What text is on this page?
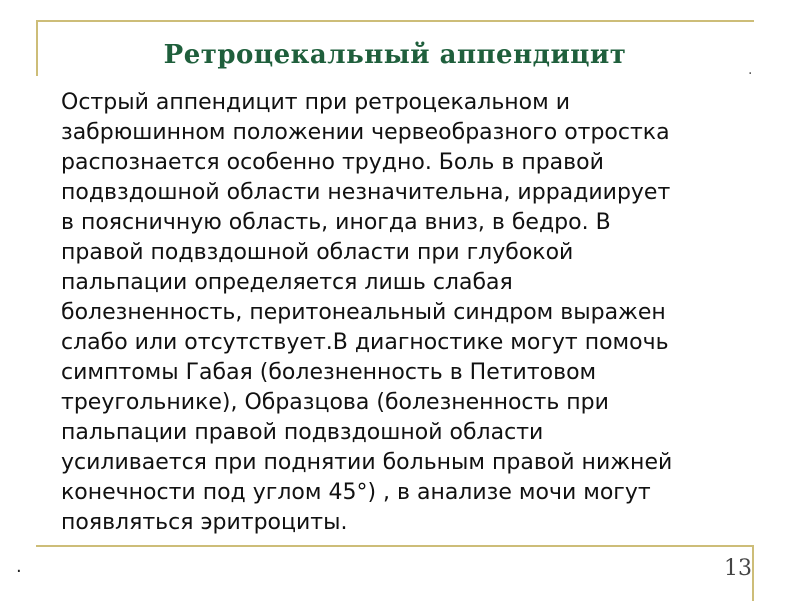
Ретроцекальный аппендицит	.
Острый аппендицит при ретроцекальном и
забрюшинном положении червеобразного отростка
распознается особенно трудно. Боль в правой
подвздошной области незначительна, иррадиирует
в поясничную область, иногда вниз, в бедро. В
правой подвздошной области при глубокой
пальпации определяется лишь слабая
болезненность, перитонеальный синдром выражен
слабо или отсутствует.В диагностике могут помочь
симптомы Габая (болезненность в Петитовом
треугольнике), Образцова (болезненность при
пальпации правой подвздошной области
усиливается при поднятии больным правой нижней
конечности под углом 45°) , в анализе мочи могут
появляться эритроциты.
.	13
